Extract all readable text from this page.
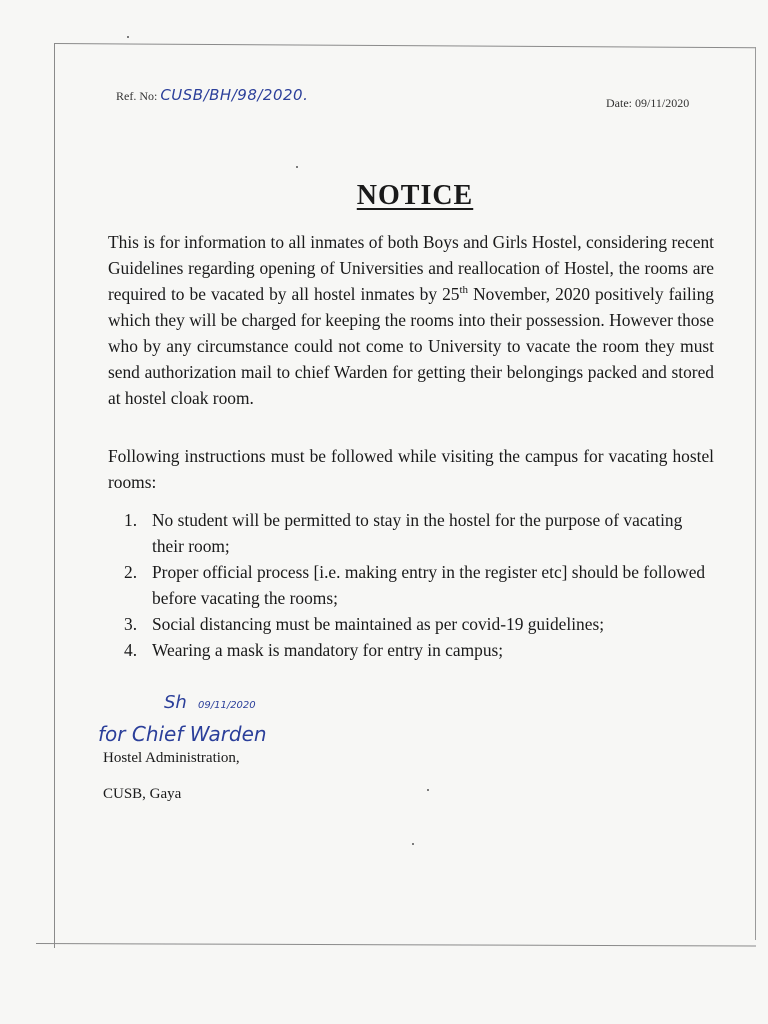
Ref. No: CUSB/BH/98/2020.	Date: 09/11/2020
NOTICE

This is for information to all inmates of both Boys and Girls Hostel, considering recent Guidelines regarding opening of Universities and reallocation of Hostel, the rooms are required to be vacated by all hostel inmates by 25th November, 2020 positively failing which they will be charged for keeping the rooms into their possession. However those who by any circumstance could not come to University to vacate the room they must send authorization mail to chief Warden for getting their belongings packed and stored at hostel cloak room.

Following instructions must be followed while visiting the campus for vacating hostel rooms:

1. No student will be permitted to stay in the hostel for the purpose of vacating their room;
2. Proper official process [i.e. making entry in the register etc] should be followed before vacating the rooms;
3. Social distancing must be maintained as per covid-19 guidelines;
4. Wearing a mask is mandatory for entry in campus;
Sh 09/11/2020
for Chief Warden
Hostel Administration,
CUSB, Gaya
